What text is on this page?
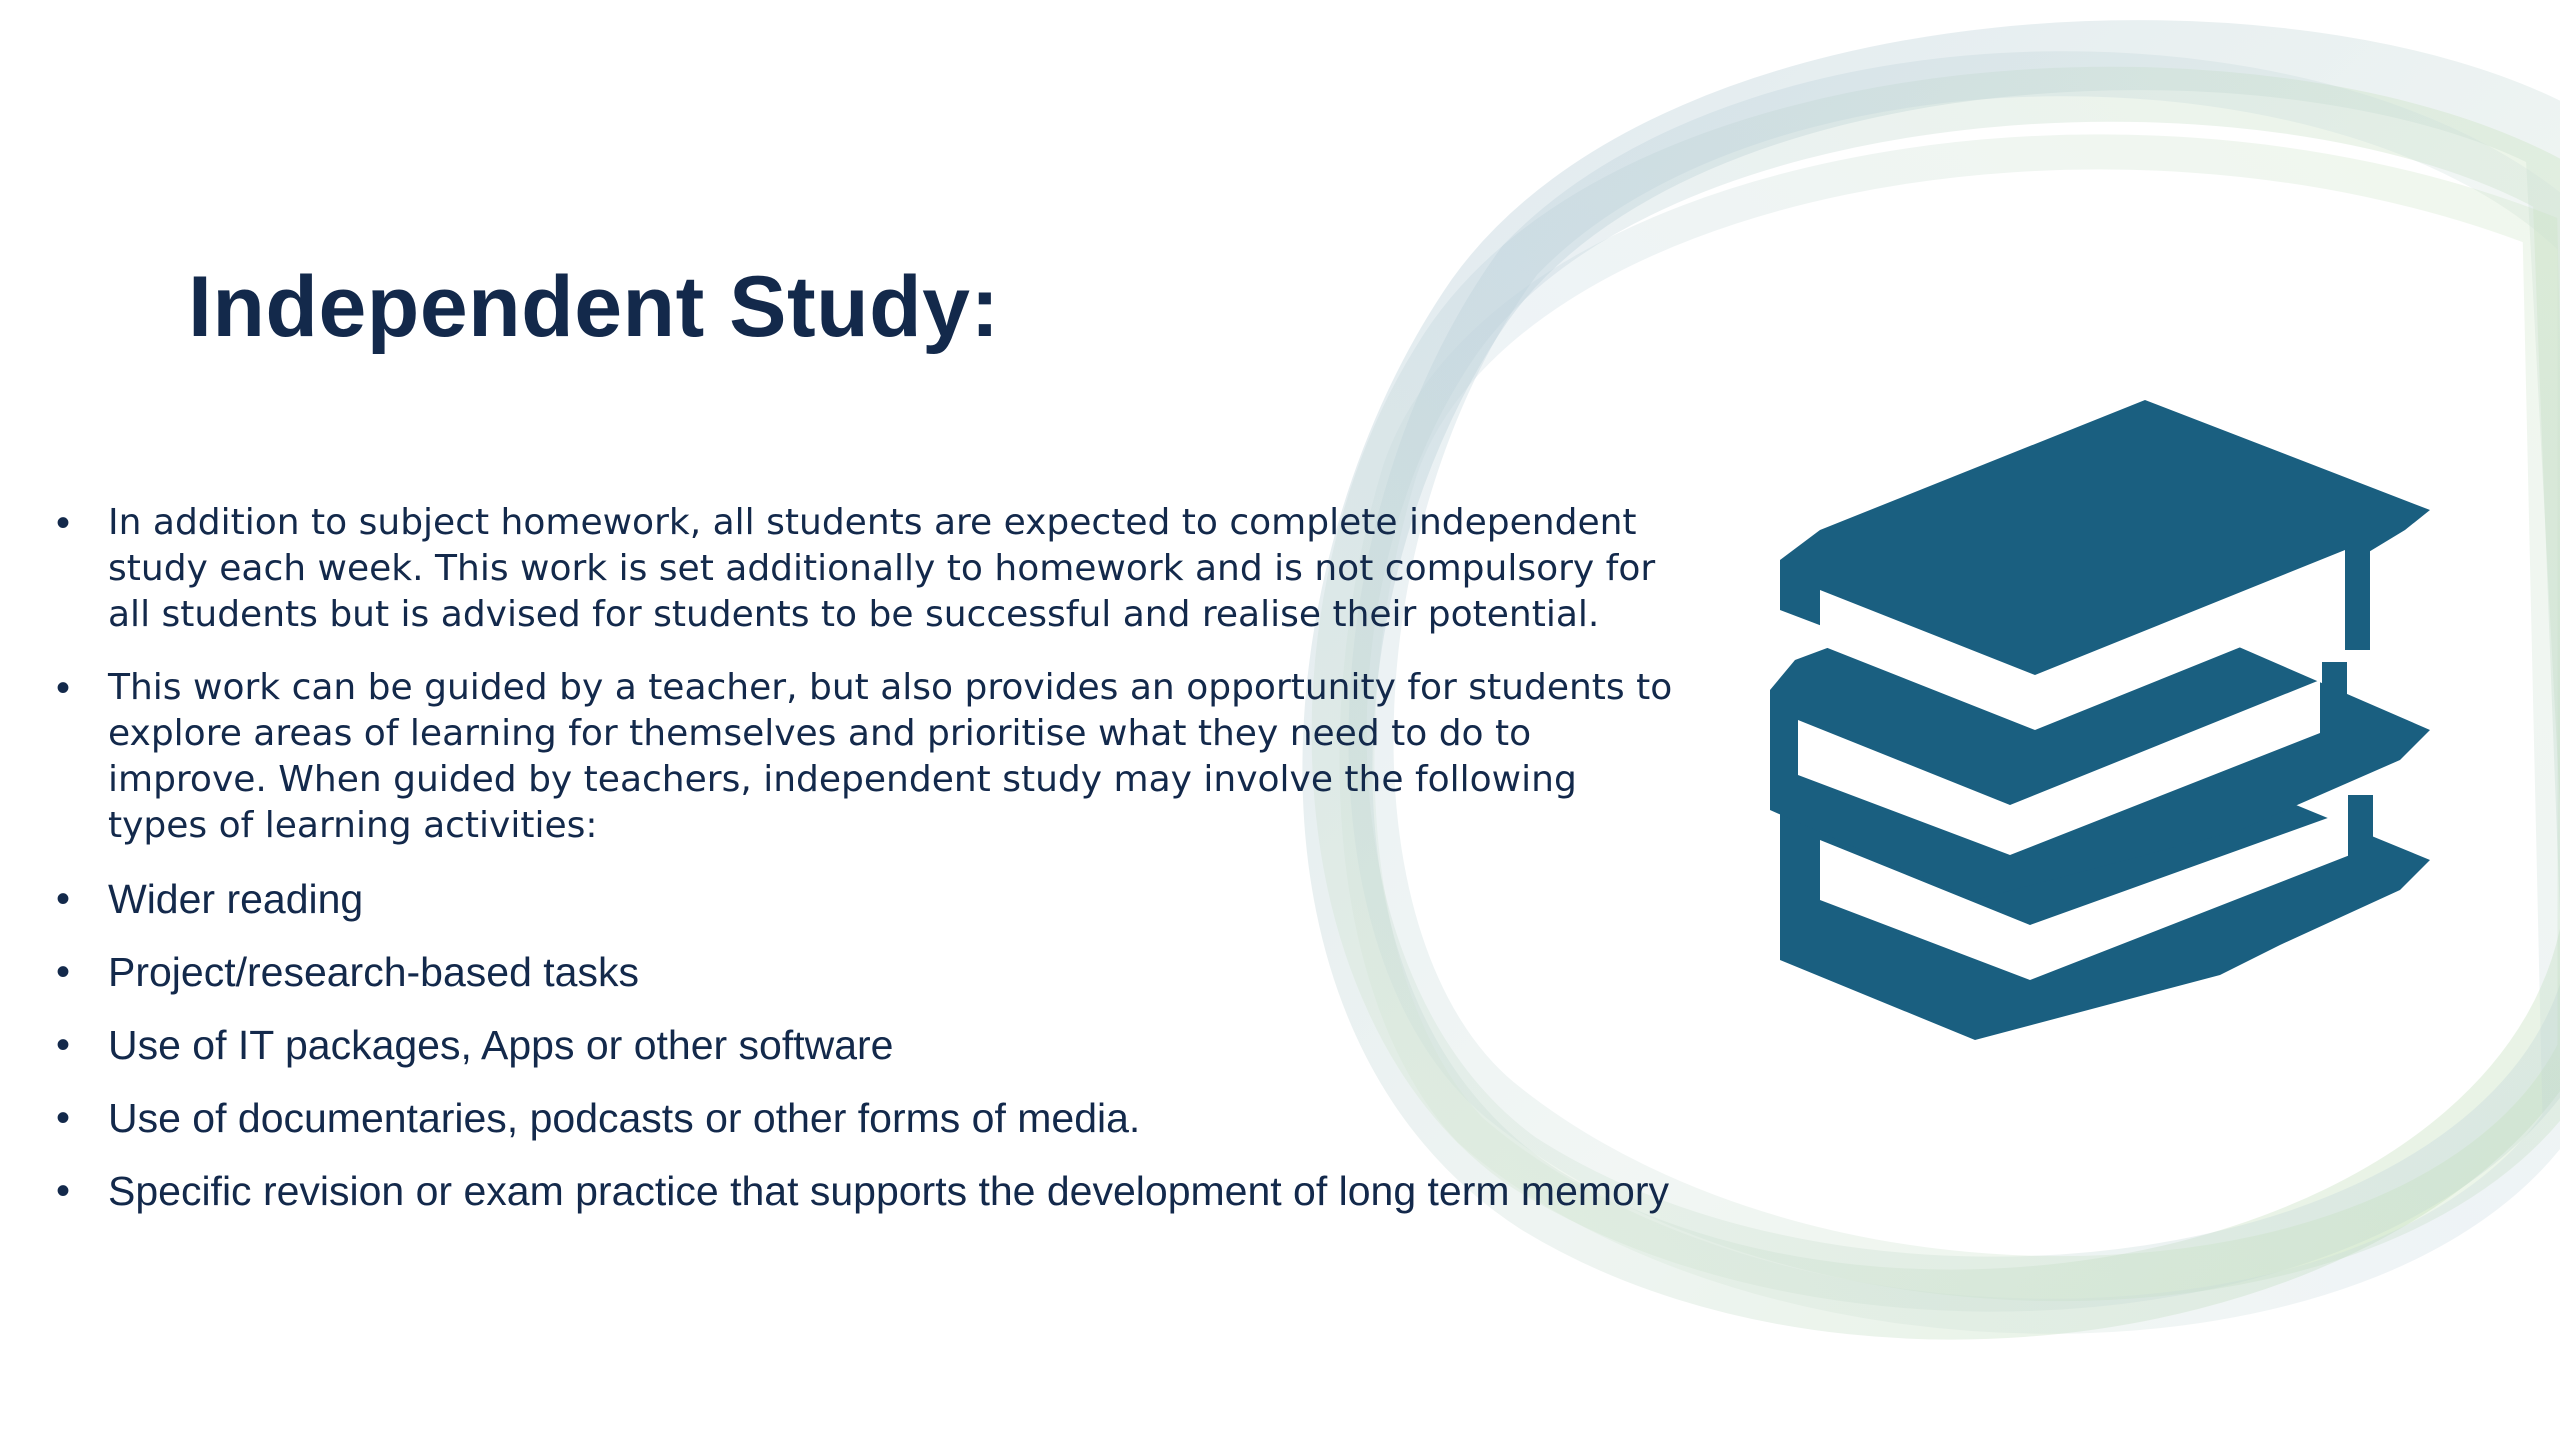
Independent Study:
• In addition to subject homework, all students are expected to complete independent study each week. This work is set additionally to homework and is not compulsory for all students but is advised for students to be successful and realise their potential.
• This work can be guided by a teacher, but also provides an opportunity for students to explore areas of learning for themselves and prioritise what they need to do to improve. When guided by teachers, independent study may involve the following types of learning activities:
• Wider reading
• Project/research-based tasks
• Use of IT packages, Apps or other software
• Use of documentaries, podcasts or other forms of media.
• Specific revision or exam practice that supports the development of long term memory
